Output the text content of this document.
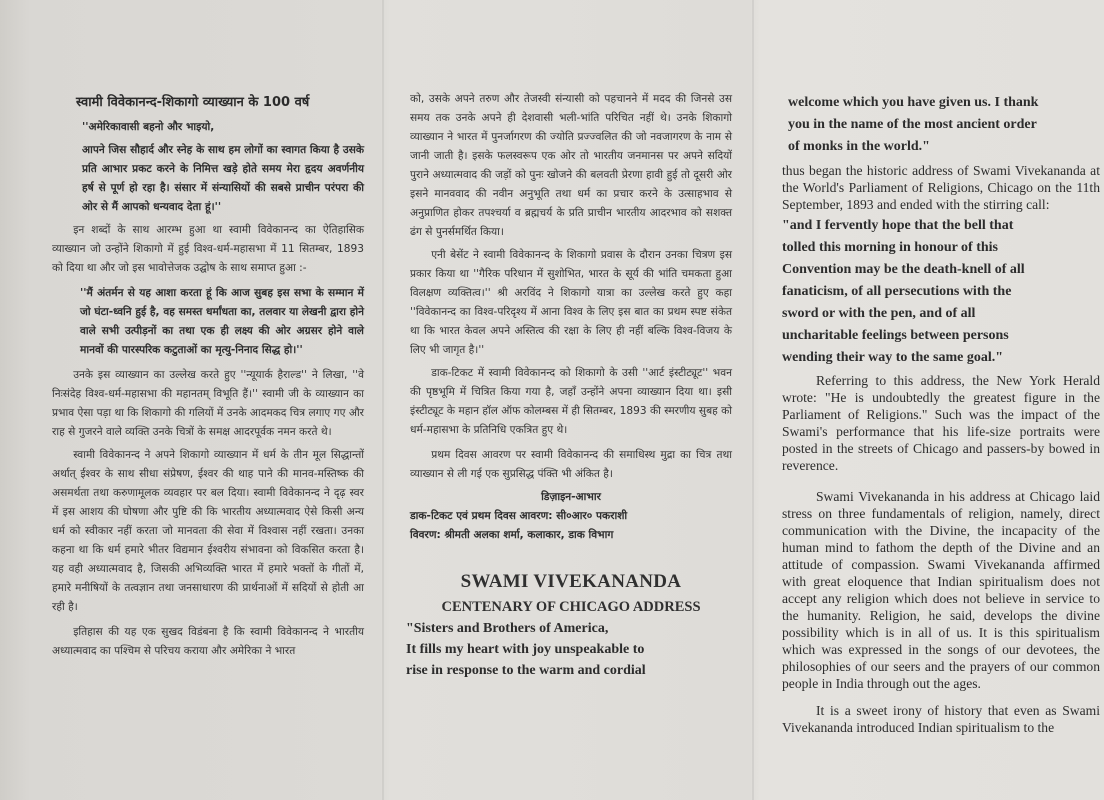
स्वामी विवेकानन्द-शिकागो व्याख्यान के 100 वर्ष

''अमेरिकावासी बहनो और भाइयो,

आपने जिस सौहार्द और स्नेह के साथ हम लोगों का स्वागत किया है उसके प्रति आभार प्रकट करने के निमित्त खड़े होते समय मेरा हृदय अवर्णनीय हर्ष से पूर्ण हो रहा है। संसार में संन्यासियों की सबसे प्राचीन परंपरा की ओर से मैं आपको धन्यवाद देता हूं।''

इन शब्दों के साथ आरम्भ हुआ था स्वामी विवेकानन्द का ऐतिहासिक व्याख्यान जो उन्होंने शिकागो में हुई विश्व-धर्म-महासभा में 11 सितम्बर, 1893 को दिया था और जो इस भावोत्तेजक उद्घोष के साथ समाप्त हुआ :-

''मैं अंतर्मन से यह आशा करता हूं कि आज सुबह इस सभा के सम्मान में जो घंटा-ध्वनि हुई है, वह समस्त धर्मांधता का, तलवार या लेखनी द्वारा होने वाले सभी उत्पीड़नों का तथा एक ही लक्ष्य की ओर अग्रसर होने वाले मानवों की पारस्परिक कटुताओं का मृत्यु-निनाद सिद्ध हो।''

उनके इस व्याख्यान का उल्लेख करते हुए ''न्यूयार्क हैराल्ड'' ने लिखा, ''वे निःसंदेह विश्व-धर्म-महासभा की महानतम् विभूति हैं।'' स्वामी जी के व्याख्यान का प्रभाव ऐसा पड़ा था कि शिकागो की गलियों में उनके आदमकद चित्र लगाए गए और राह से गुजरने वाले व्यक्ति उनके चित्रों के समक्ष आदरपूर्वक नमन करते थे।

स्वामी विवेकानन्द ने अपने शिकागो व्याख्यान में धर्म के तीन मूल सिद्धान्तों अर्थात् ईश्वर के साथ सीधा संप्रेषण, ईश्वर की थाह पाने की मानव-मस्तिष्क की असमर्थता तथा करुणामूलक व्यवहार पर बल दिया। स्वामी विवेकानन्द ने दृढ़ स्वर में इस आशय की घोषणा और पुष्टि की कि भारतीय अध्यात्मवाद ऐसे किसी अन्य धर्म को स्वीकार नहीं करता जो मानवता की सेवा में विश्वास नहीं रखता। उनका कहना था कि धर्म हमारे भीतर विद्यमान ईश्वरीय संभावना को विकसित करता है। यह वही अध्यात्मवाद है, जिसकी अभिव्यक्ति भारत में हमारे भक्तों के गीतों में, हमारे मनीषियों के तत्वज्ञान तथा जनसाधारण की प्रार्थनाओं में सदियों से होती आ रही है।

इतिहास की यह एक सुखद विडंबना है कि स्वामी विवेकानन्द ने भारतीय अध्यात्मवाद का पश्चिम से परिचय कराया और अमेरिका ने भारत

को, उसके अपने तरुण और तेजस्वी संन्यासी को पहचानने में मदद की जिनसे उस समय तक उनके अपने ही देशवासी भली-भांति परिचित नहीं थे। उनके शिकागो व्याख्यान ने भारत में पुनर्जागरण की ज्योति प्रज्ज्वलित की जो नवजागरण के नाम से जानी जाती है। इसके फलस्वरूप एक ओर तो भारतीय जनमानस पर अपने सदियों पुराने अध्यात्मवाद की जड़ों को पुनः खोजने की बलवती प्रेरणा हावी हुई तो दूसरी ओर इसने मानववाद की नवीन अनुभूति तथा धर्म का प्रचार करने के उत्साहभाव से अनुप्राणित होकर तपश्चर्या व ब्रह्मचर्य के प्रति प्राचीन भारतीय आदरभाव को सशक्त ढंग से पुनर्समर्थित किया।

एनी बेसेंट ने स्वामी विवेकानन्द के शिकागो प्रवास के दौरान उनका चित्रण इस प्रकार किया था ''गैरिक परिधान में सुशोभित, भारत के सूर्य की भांति चमकता हुआ विलक्षण व्यक्तित्व।'' श्री अरविंद ने शिकागो यात्रा का उल्लेख करते हुए कहा ''विवेकानन्द का विश्व-परिदृश्य में आना विश्व के लिए इस बात का प्रथम स्पष्ट संकेत था कि भारत केवल अपने अस्तित्व की रक्षा के लिए ही नहीं बल्कि विश्व-विजय के लिए भी जागृत है।''

डाक-टिकट में स्वामी विवेकानन्द को शिकागो के उसी ''आर्ट इंस्टीट्यूट'' भवन की पृष्ठभूमि में चित्रित किया गया है, जहाँ उन्होंने अपना व्याख्यान दिया था। इसी इंस्टीट्यूट के महान हॉल ऑफ कोलम्बस में ही सितम्बर, 1893 की स्मरणीय सुबह को धर्म-महासभा के प्रतिनिधि एकत्रित हुए थे।

प्रथम दिवस आवरण पर स्वामी विवेकानन्द की समाधिस्थ मुद्रा का चित्र तथा व्याख्यान से ली गई एक सुप्रसिद्ध पंक्ति भी अंकित है।

डिज़ाइन-आभार

डाक-टिकट एवं प्रथम दिवस आवरण: सी०आर० पकराशी

विवरण: श्रीमती अलका शर्मा, कलाकार, डाक विभाग

SWAMI VIVEKANANDA

CENTENARY OF CHICAGO ADDRESS

"Sisters and Brothers of America,

It fills my heart with joy unspeakable to

rise in response to the warm and cordial

welcome which you have given us. I thank

you in the name of the most ancient order

of monks in the world."

thus began the historic address of Swami Vivekananda at the World's Parliament of Religions, Chicago on the 11th September, 1893 and ended with the stirring call:

"and I fervently hope that the bell that

tolled this morning in honour of this

Convention may be the death-knell of all

fanaticism, of all persecutions with the

sword or with the pen, and of all

uncharitable feelings between persons

wending their way to the same goal."

Referring to this address, the New York Herald wrote: "He is undoubtedly the greatest figure in the Parliament of Religions." Such was the impact of the Swami's performance that his life-size portraits were posted in the streets of Chicago and passers-by bowed in reverence.

Swami Vivekananda in his address at Chicago laid stress on three fundamentals of religion, namely, direct communication with the Divine, the incapacity of the human mind to fathom the depth of the Divine and an attitude of compassion. Swami Vivekananda affirmed with great eloquence that Indian spiritualism does not accept any religion which does not believe in service to the humanity. Religion, he said, develops the divine possibility which is in all of us. It is this spiritualism which was expressed in the songs of our devotees, the philosophies of our seers and the prayers of our common people in India through out the ages.

It is a sweet irony of history that even as Swami Vivekananda introduced Indian spiritualism to the
